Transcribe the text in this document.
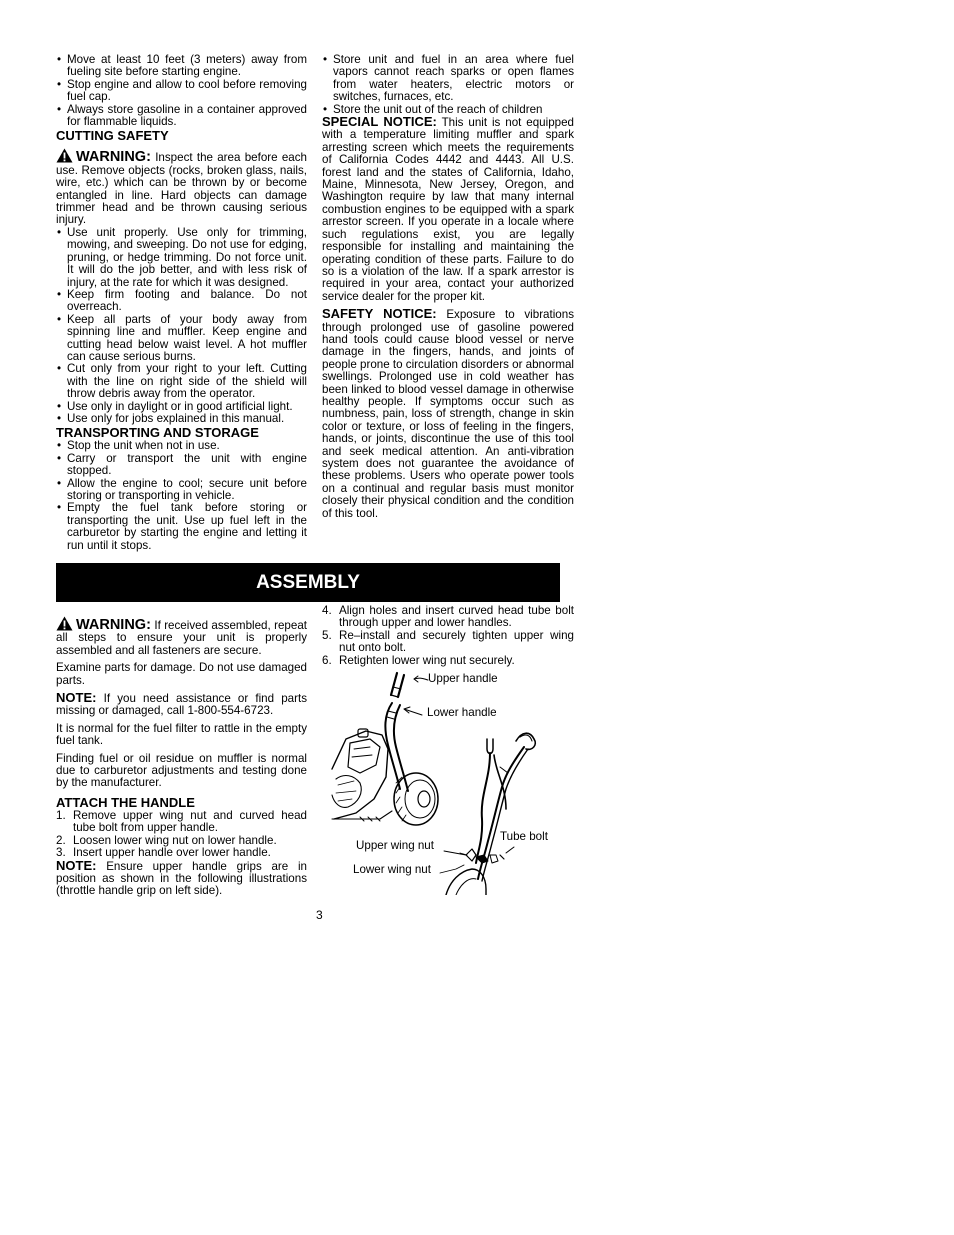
• Move at least 10 feet (3 meters) away from fueling site before starting engine.
• Stop engine and allow to cool before removing fuel cap.
• Always store gasoline in a container approved for flammable liquids.
CUTTING SAFETY

WARNING: Inspect the area before each use. Remove objects (rocks, broken glass, nails, wire, etc.) which can be thrown by or become entangled in line. Hard objects can damage trimmer head and be thrown causing serious injury.

• Use unit properly. Use only for trimming, mowing, and sweeping. Do not use for edging, pruning, or hedge trimming. Do not force unit. It will do the job better, and with less risk of injury, at the rate for which it was designed.
• Keep firm footing and balance. Do not overreach.
• Keep all parts of your body away from spinning line and muffler. Keep engine and cutting head below waist level. A hot muffler can cause serious burns.
• Cut only from your right to your left. Cutting with the line on right side of the shield will throw debris away from the operator.
• Use only in daylight or in good artificial light.
• Use only for jobs explained in this manual.
TRANSPORTING AND STORAGE
• Stop the unit when not in use.
• Carry or transport the unit with engine stopped.
• Allow the engine to cool; secure unit before storing or transporting in vehicle.
• Empty the fuel tank before storing or transporting the unit. Use up fuel left in the carburetor by starting the engine and letting it run until it stops.
• Store unit and fuel in an area where fuel vapors cannot reach sparks or open flames from water heaters, electric motors or switches, furnaces, etc.
• Store the unit out of the reach of children

SPECIAL NOTICE: This unit is not equipped with a temperature limiting muffler and spark arresting screen which meets the requirements of California Codes 4442 and 4443. All U.S. forest land and the states of California, Idaho, Maine, Minnesota, New Jersey, Oregon, and Washington require by law that many internal combustion engines to be equipped with a spark arrestor screen. If you operate in a locale where such regulations exist, you are legally responsible for installing and maintaining the operating condition of these parts. Failure to do so is a violation of the law. If a spark arrestor is required in your area, contact your authorized service dealer for the proper kit.

SAFETY NOTICE: Exposure to vibrations through prolonged use of gasoline powered hand tools could cause blood vessel or nerve damage in the fingers, hands, and joints of people prone to circulation disorders or abnormal swellings. Prolonged use in cold weather has been linked to blood vessel damage in otherwise healthy people. If symptoms occur such as numbness, pain, loss of strength, change in skin color or texture, or loss of feeling in the fingers, hands, or joints, discontinue the use of this tool and seek medical attention. An anti-vibration system does not guarantee the avoidance of these problems. Users who operate power tools on a continual and regular basis must monitor closely their physical condition and the condition of this tool.

ASSEMBLY

WARNING: If received assembled, repeat all steps to ensure your unit is properly assembled and all fasteners are secure.

Examine parts for damage. Do not use damaged parts.

NOTE: If you need assistance or find parts missing or damaged, call 1-800-554-6723.

It is normal for the fuel filter to rattle in the empty fuel tank.

Finding fuel or oil residue on muffler is normal due to carburetor adjustments and testing done by the manufacturer.

ATTACH THE HANDLE
1. Remove upper wing nut and curved head tube bolt from upper handle.
2. Loosen lower wing nut on lower handle.
3. Insert upper handle over lower handle.

NOTE: Ensure upper handle grips are in position as shown in the following illustrations (throttle handle grip on left side).

4. Align holes and insert curved head tube bolt through upper and lower handles.
5. Re–install and securely tighten upper wing nut onto bolt.
6. Retighten lower wing nut securely.
Upper handle
Lower handle
Tube bolt
Upper wing nut
Lower wing nut
3
